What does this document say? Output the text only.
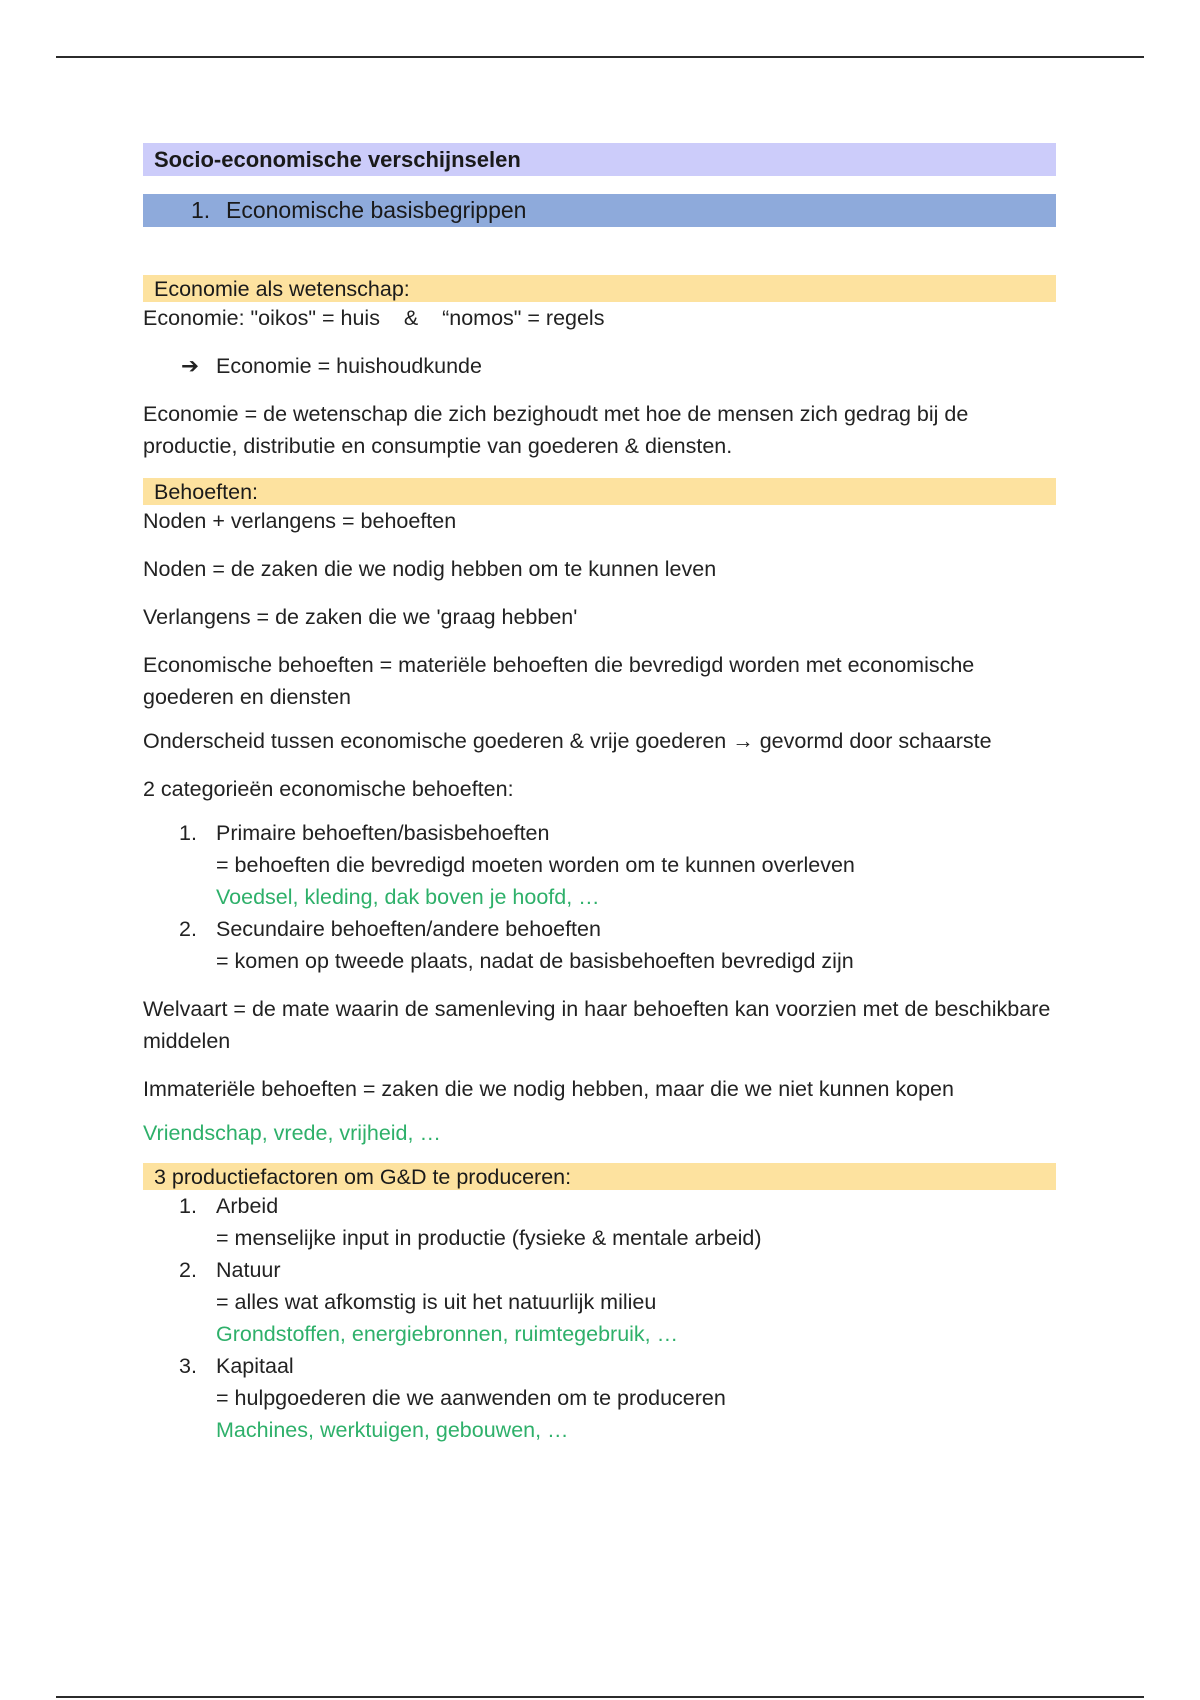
Socio-economische verschijnselen
1. Economische basisbegrippen
Economie als wetenschap:
Economie: "oikos" = huis    &    “nomos" = regels
➔ Economie = huishoudkunde
Economie = de wetenschap die zich bezighoudt met hoe de mensen zich gedrag bij de productie, distributie en consumptie van goederen & diensten.
Behoeften:
Noden + verlangens = behoeften
Noden = de zaken die we nodig hebben om te kunnen leven
Verlangens = de zaken die we 'graag hebben'
Economische behoeften = materiële behoeften die bevredigd worden met economische goederen en diensten
Onderscheid tussen economische goederen & vrije goederen → gevormd door schaarste
2 categorieën economische behoeften:
1. Primaire behoeften/basisbehoeften
= behoeften die bevredigd moeten worden om te kunnen overleven
Voedsel, kleding, dak boven je hoofd, …
2. Secundaire behoeften/andere behoeften
= komen op tweede plaats, nadat de basisbehoeften bevredigd zijn
Welvaart = de mate waarin de samenleving in haar behoeften kan voorzien met de beschikbare middelen
Immateriële behoeften = zaken die we nodig hebben, maar die we niet kunnen kopen
Vriendschap, vrede, vrijheid, …
3 productiefactoren om G&D te produceren:
1. Arbeid
= menselijke input in productie (fysieke & mentale arbeid)
2. Natuur
= alles wat afkomstig is uit het natuurlijk milieu
Grondstoffen, energiebronnen, ruimtegebruik, …
3. Kapitaal
= hulpgoederen die we aanwenden om te produceren
Machines, werktuigen, gebouwen, …
